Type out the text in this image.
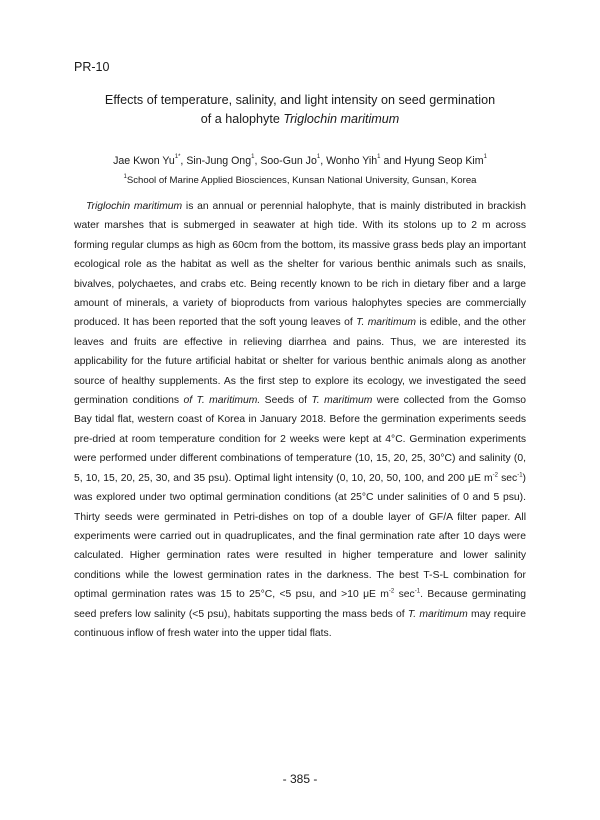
PR-10
Effects of temperature, salinity, and light intensity on seed germination
of a halophyte Triglochin maritimum
Jae Kwon $Yu^{1*}$, Sin-Jung Ong$^1$, Soo-Gun Jo$^1$, Wonho Yih$^1$ and Hyung Seop Kim$^1$
$^1$School of Marine Applied Biosciences, Kunsan National University, Gunsan, Korea

Triglochin maritimum is an annual or perennial halophyte, that is mainly distributed in brackish water marshes that is submerged in seawater at high tide. With its stolons up to 2 m across forming regular clumps as high as 60cm from the bottom, its massive grass beds play an important ecological role as the habitat as well as the shelter for various benthic animals such as snails, bivalves, polychaetes, and crabs etc. Being recently known to be rich in dietary fiber and a large amount of minerals, a variety of bioproducts from various halophytes species are commercially produced. It has been reported that the soft young leaves of T. maritimum is edible, and the other leaves and fruits are effective in relieving diarrhea and pains. Thus, we are interested its applicability for the future artificial habitat or shelter for various benthic animals along as another source of healthy supplements. As the first step to explore its ecology, we investigated the seed germination conditions of T. maritimum. Seeds of T. maritimum were collected from the Gomso Bay tidal flat, western coast of Korea in January 2018. Before the germination experiments seeds pre-dried at room temperature condition for 2 weeks were kept at 4°C. Germination experiments were performed under different combinations of temperature (10, 15, 20, 25, 30°C) and salinity (0, 5, 10, 15, 20, 25, 30, and 35 psu). Optimal light intensity (0, 10, 20, 50, 100, and 200 μE $m^{-2}$ $\sec^{-1}$) was explored under two optimal germination conditions (at 25°C under salinities of 0 and 5 psu). Thirty seeds were germinated in Petri-dishes on top of a double layer of GF/A filter paper. All experiments were carried out in quadruplicates, and the final germination rate after 10 days were calculated. Higher germination rates were resulted in higher temperature and lower salinity conditions while the lowest germination rates in the darkness. The best T-S-L combination for optimal germination rates was 15 to 25°C, <5 psu, and >10 μE $m^{-2}$ $\sec^{-1}$. Because germinating seed prefers low salinity (<5 psu), habitats supporting the mass beds of T. maritimum may require continuous inflow of fresh water into the upper tidal flats.

- 385 -
